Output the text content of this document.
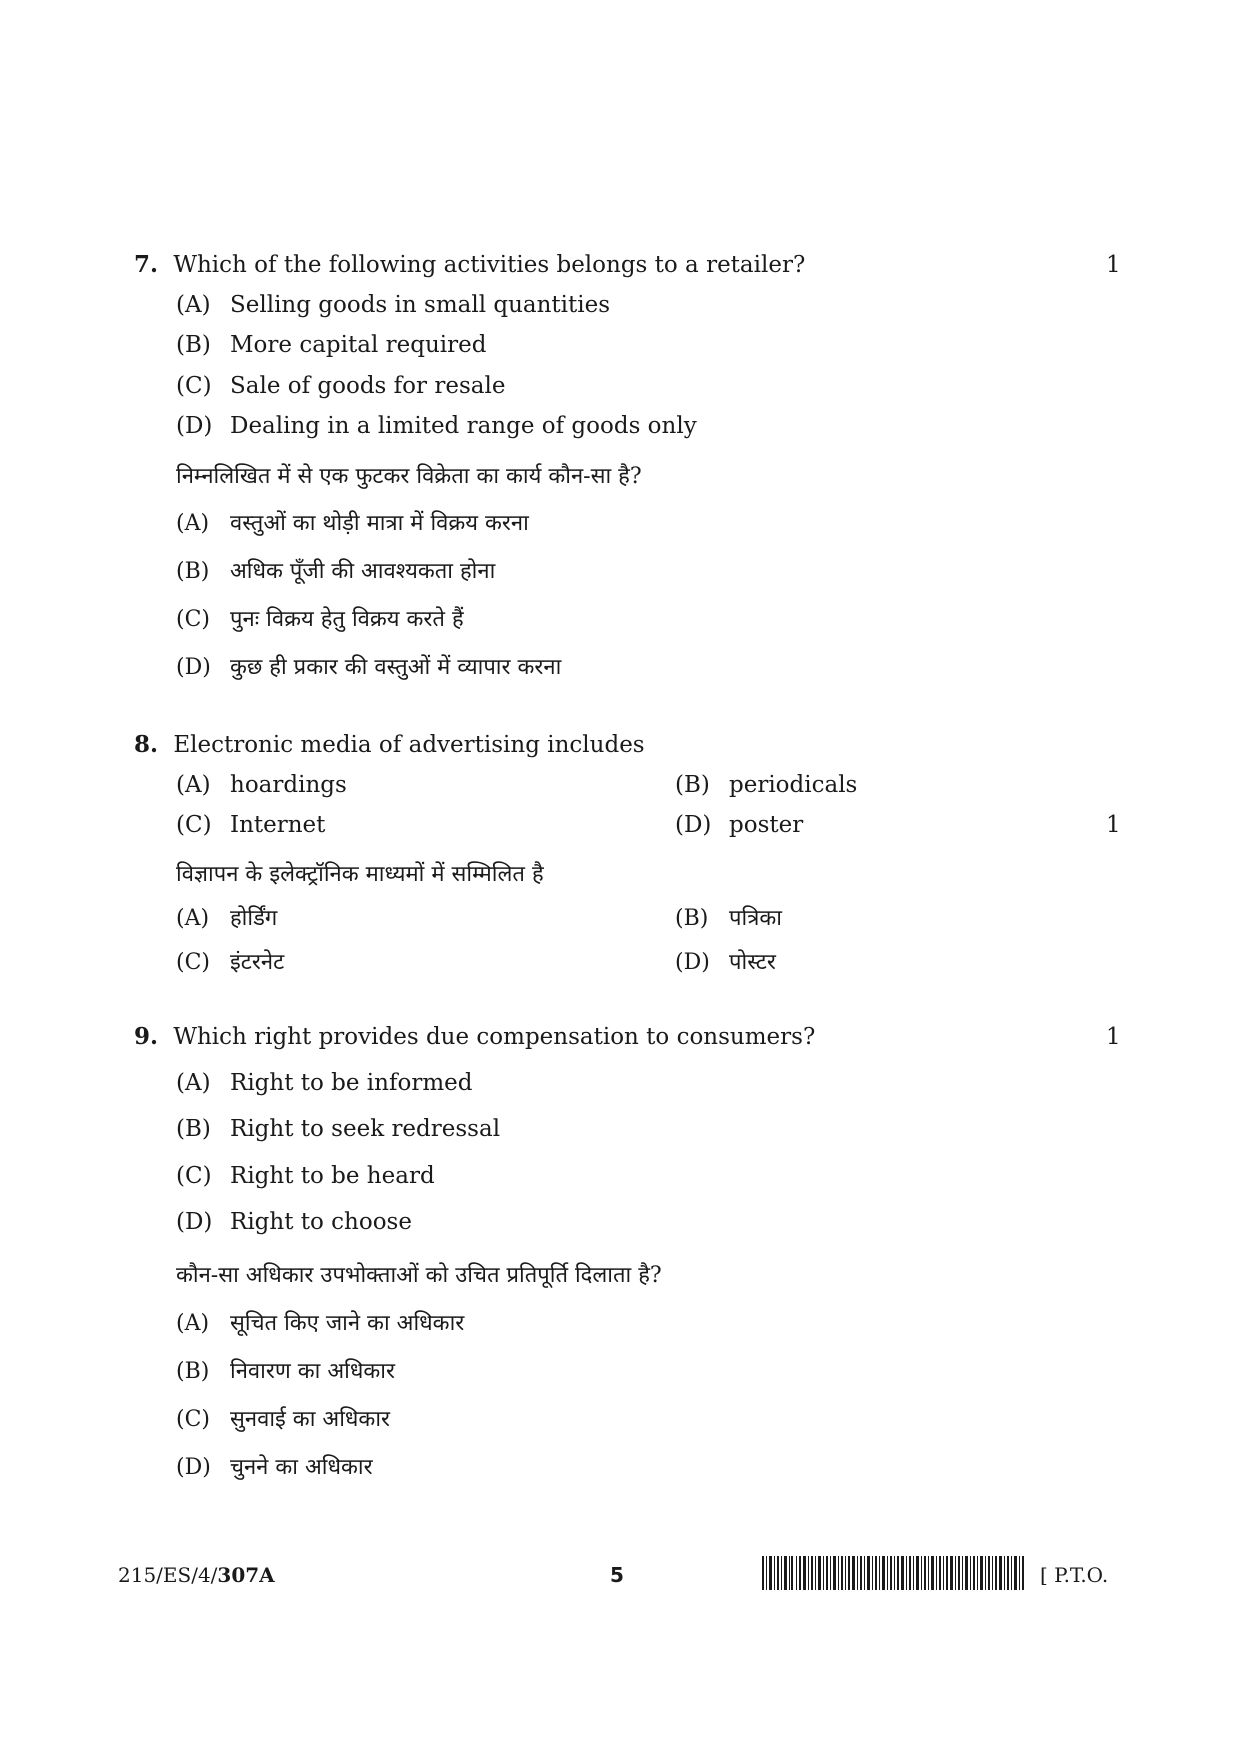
7. Which of the following activities belongs to a retailer?	1
(A) Selling goods in small quantities
(B) More capital required
(C) Sale of goods for resale
(D) Dealing in a limited range of goods only
निम्नलिखित में से एक फुटकर विक्रेता का कार्य कौन-सा है?
(A) वस्तुओं का थोड़ी मात्रा में विक्रय करना
(B) अधिक पूँजी की आवश्यकता होना
(C) पुनः विक्रय हेतु विक्रय करते हैं
(D) कुछ ही प्रकार की वस्तुओं में व्यापार करना
8. Electronic media of advertising includes
(A) hoardings	(B) periodicals
(C) Internet	(D) poster	1
विज्ञापन के इलेक्ट्रॉनिक माध्यमों में सम्मिलित है
(A) होर्डिंग	(B) पत्रिका
(C) इंटरनेट	(D) पोस्टर
9. Which right provides due compensation to consumers?	1
(A) Right to be informed
(B) Right to seek redressal
(C) Right to be heard
(D) Right to choose
कौन-सा अधिकार उपभोक्ताओं को उचित प्रतिपूर्ति दिलाता है?
(A) सूचित किए जाने का अधिकार
(B) निवारण का अधिकार
(C) सुनवाई का अधिकार
(D) चुनने का अधिकार
215/ES/4/307A	5	[ P.T.O.
